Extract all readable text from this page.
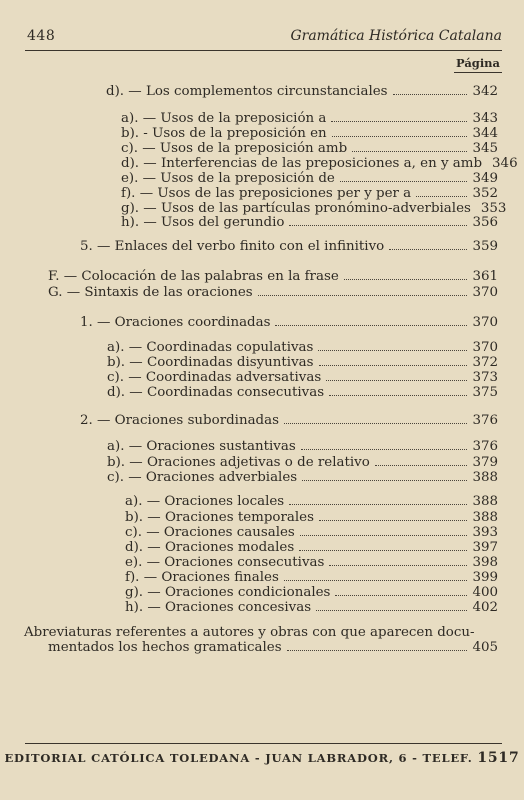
448	Gramática Histórica Catalana
Página
d). — Los complementos circunstanciales	342
a). — Usos de la preposición a	343
b). - Usos de la preposición en	344
c). — Usos de la preposición amb	345
d). — Interferencias de las preposiciones a, en y amb 346
e). — Usos de la preposición de	349
f). — Usos de las preposiciones per y per a	352
g). — Usos de las partículas pronómino-adverbiales 353
h). — Usos del gerundio	356
5. — Enlaces del verbo finito con el infinitivo	359
F. — Colocación de las palabras en la frase	361
G. — Sintaxis de las oraciones	370
1. — Oraciones coordinadas	370
a). — Coordinadas copulativas	370
b). — Coordinadas disyuntivas	372
c). — Coordinadas adversativas	373
d). — Coordinadas consecutivas	375
2. — Oraciones subordinadas	376
a). — Oraciones sustantivas	376
b). — Oraciones adjetivas o de relativo	379
c). — Oraciones adverbiales	388
a). — Oraciones locales	388
b). — Oraciones temporales	388
c). — Oraciones causales	393
d). — Oraciones modales	397
e). — Oraciones consecutivas	398
f). — Oraciones finales	399
g). — Oraciones condicionales	400
h). — Oraciones concesivas	402
Abreviaturas referentes a autores y obras con que aparecen docu-
mentados los hechos gramaticales	405
EDITORIAL CATÓLICA TOLEDANA - JUAN LABRADOR, 6 - TELEF. 1517
